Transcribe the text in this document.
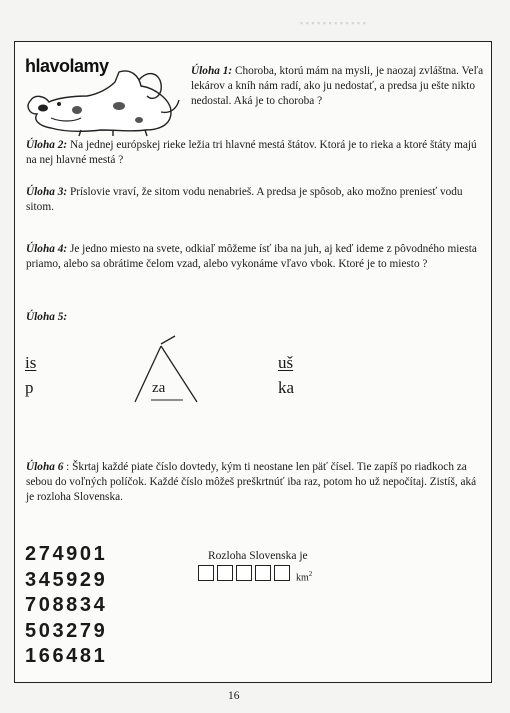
▪ ▪ ▪ ▪ ▪ ▪ ▪ ▪ ▪ ▪ ▪ ▪
hlavolamy	Úloha 1: Choroba, ktorú mám na mysli, je naozaj zvláštna. Veľa lekárov a kníh nám radí, ako ju nedostať, a predsa ju ešte nikto nedostal. Aká je to choroba ?
Úloha 2: Na jednej európskej rieke ležia tri hlavné mestá štátov. Ktorá je to rieka a ktoré štáty majú na nej hlavné mestá ?
Úloha 3: Príslovie vraví, že sitom vodu nenabrieš. A predsa je spôsob, ako možno preniesť vodu sitom.
Úloha 4: Je jedno miesto na svete, odkiaľ môžeme ísť iba na juh, aj keď ideme z pôvodného miesta priamo, alebo sa obrátime čelom vzad, alebo vykonáme vľavo vbok. Ktoré je to miesto ?
Úloha 5:
is
p	za
uš
ka
Úloha 6 : Škrtaj každé piate číslo dovtedy, kým ti neostane len päť čísel. Tie zapíš po riadkoch za sebou do voľných políčok. Každé číslo môžeš preškrtnúť iba raz, potom ho už nepočítaj. Zistíš, aká je rozloha Slovenska.
274901
345929
708834
503279
166481
Rozloha Slovenska je
$km^2$
16
